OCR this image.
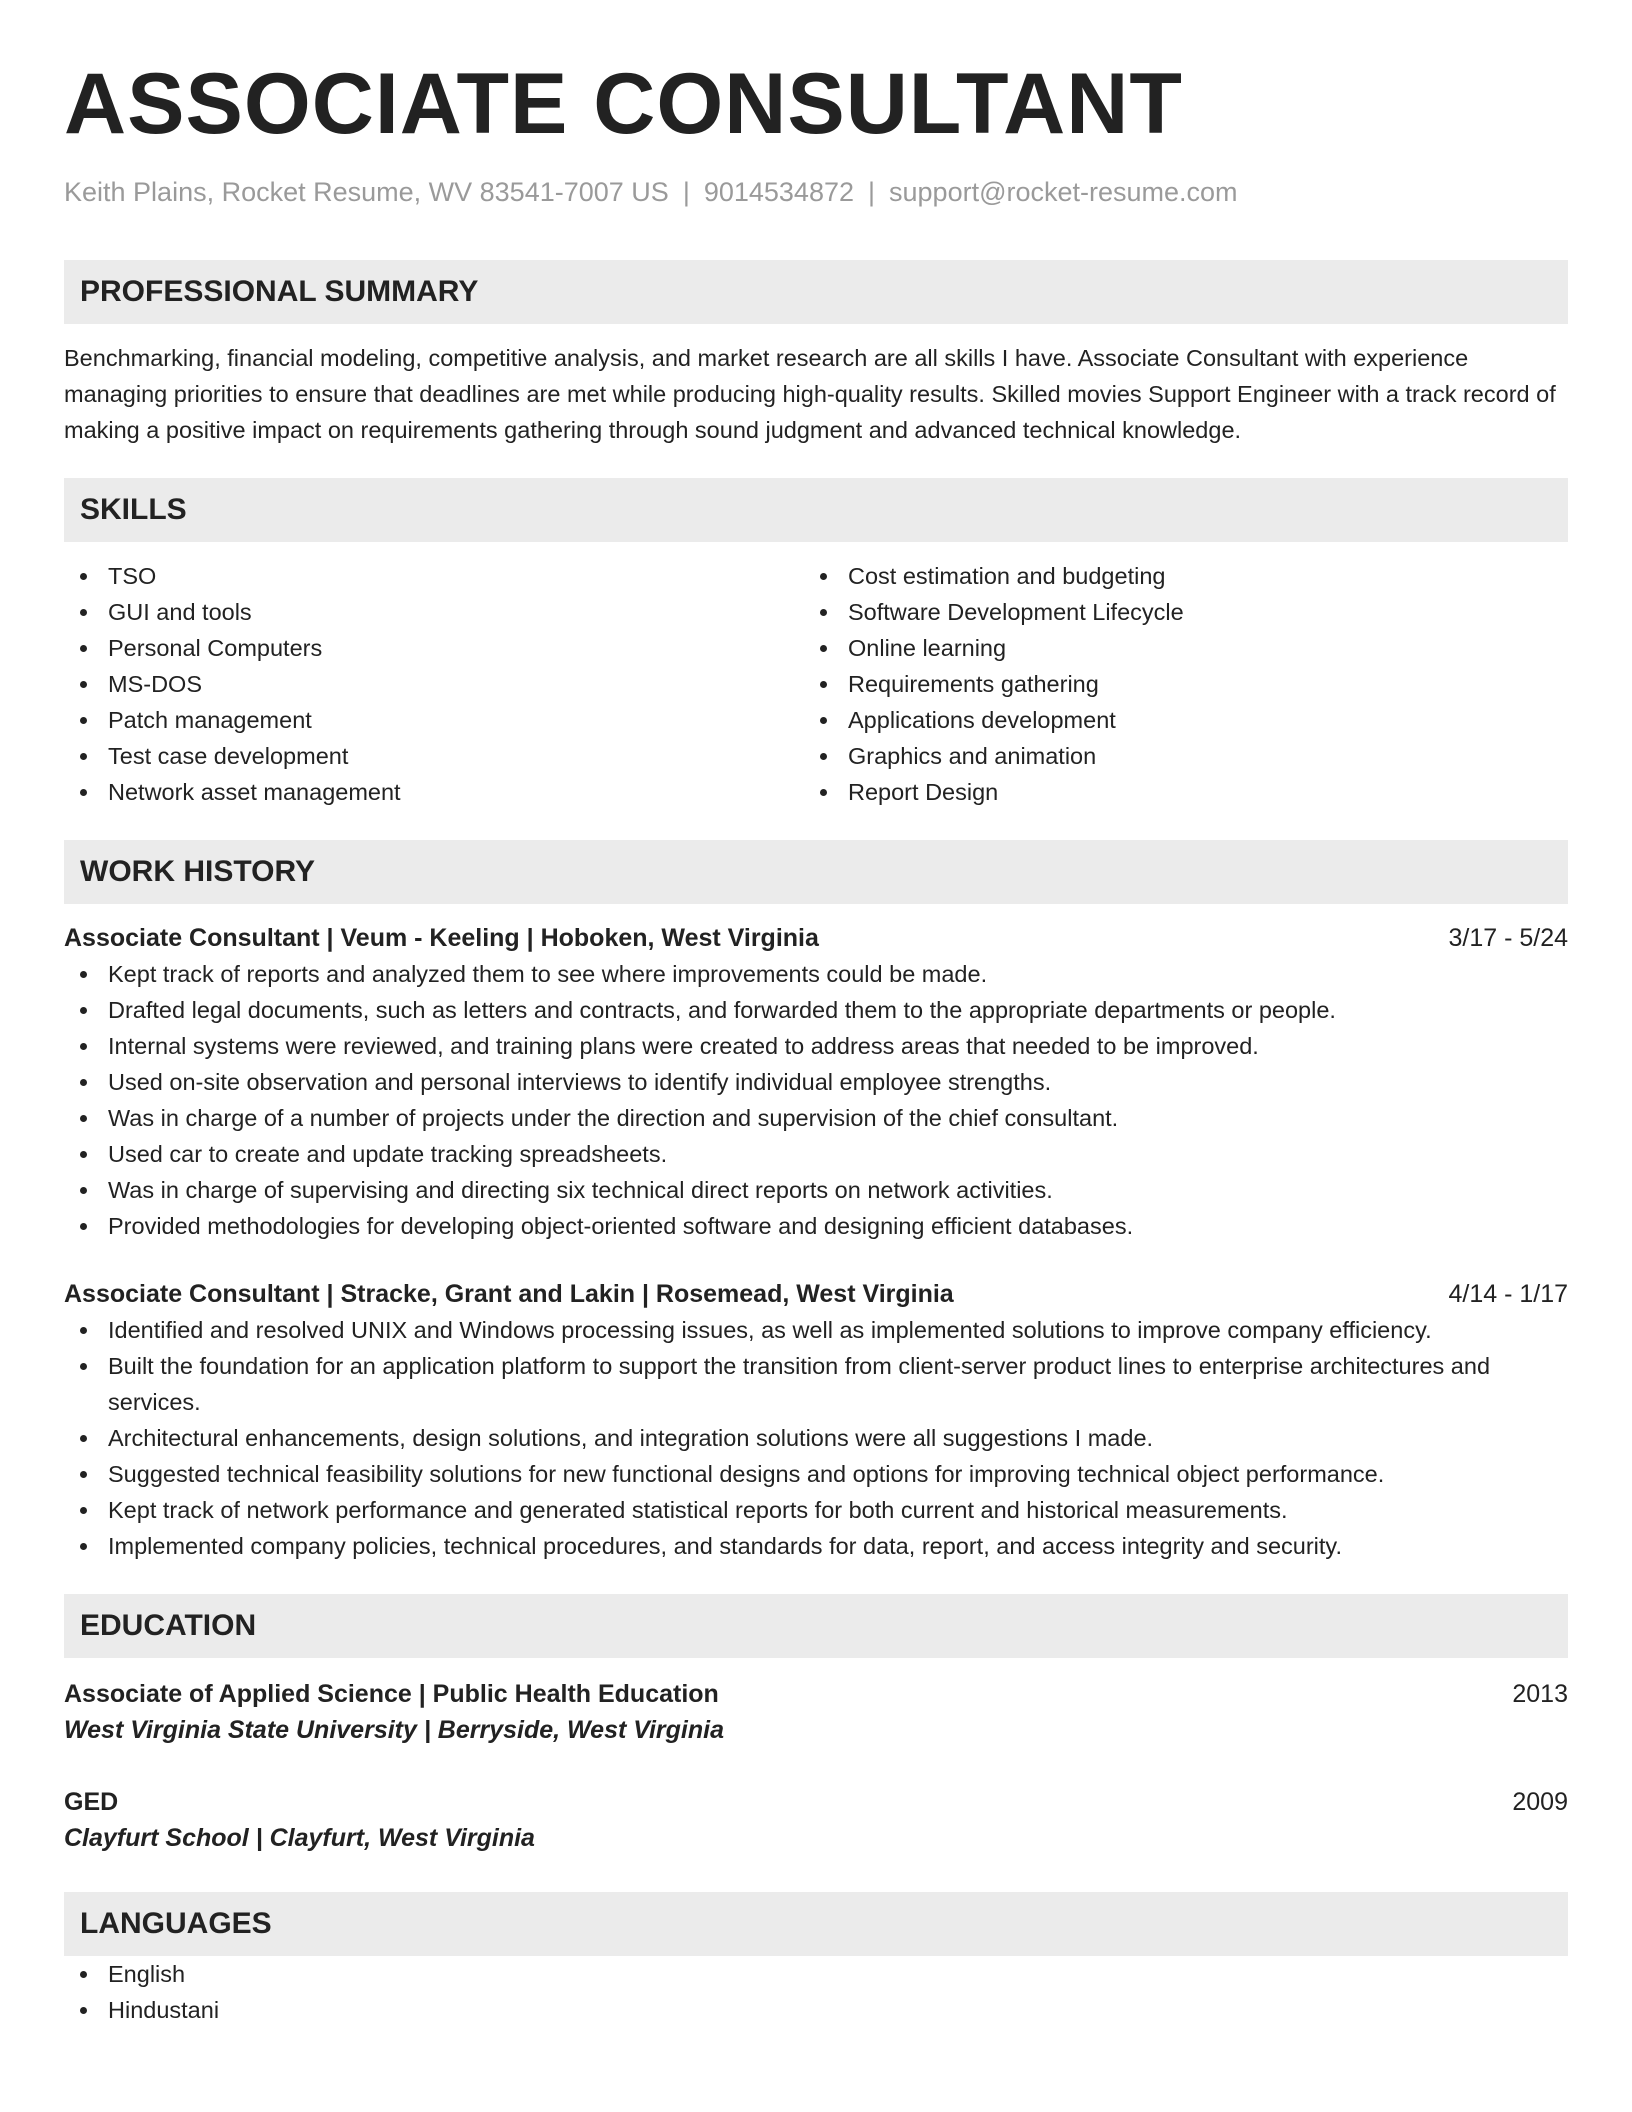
ASSOCIATE CONSULTANT
Keith Plains, Rocket Resume, WV 83541-7007 US | 9014534872 | support@rocket-resume.com
PROFESSIONAL SUMMARY

Benchmarking, financial modeling, competitive analysis, and market research are all skills I have. Associate Consultant with experience managing priorities to ensure that deadlines are met while producing high-quality results. Skilled movies Support Engineer with a track record of making a positive impact on requirements gathering through sound judgment and advanced technical knowledge.

SKILLS
TSO
GUI and tools
Personal Computers
MS-DOS
Patch management
Test case development
Network asset management
Cost estimation and budgeting
Software Development Lifecycle
Online learning
Requirements gathering
Applications development
Graphics and animation
Report Design
WORK HISTORY
Associate Consultant | Veum - Keeling | Hoboken, West Virginia	3/17 - 5/24
Kept track of reports and analyzed them to see where improvements could be made.
Drafted legal documents, such as letters and contracts, and forwarded them to the appropriate departments or people.
Internal systems were reviewed, and training plans were created to address areas that needed to be improved.
Used on-site observation and personal interviews to identify individual employee strengths.
Was in charge of a number of projects under the direction and supervision of the chief consultant.
Used car to create and update tracking spreadsheets.
Was in charge of supervising and directing six technical direct reports on network activities.
Provided methodologies for developing object-oriented software and designing efficient databases.
Associate Consultant | Stracke, Grant and Lakin | Rosemead, West Virginia	4/14 - 1/17
Identified and resolved UNIX and Windows processing issues, as well as implemented solutions to improve company efficiency.
Built the foundation for an application platform to support the transition from client-server product lines to enterprise architectures and services.
Architectural enhancements, design solutions, and integration solutions were all suggestions I made.
Suggested technical feasibility solutions for new functional designs and options for improving technical object performance.
Kept track of network performance and generated statistical reports for both current and historical measurements.
Implemented company policies, technical procedures, and standards for data, report, and access integrity and security.
EDUCATION
Associate of Applied Science | Public Health Education	2013
West Virginia State University | Berryside, West Virginia
GED	2009
Clayfurt School | Clayfurt, West Virginia
LANGUAGES
English
Hindustani
